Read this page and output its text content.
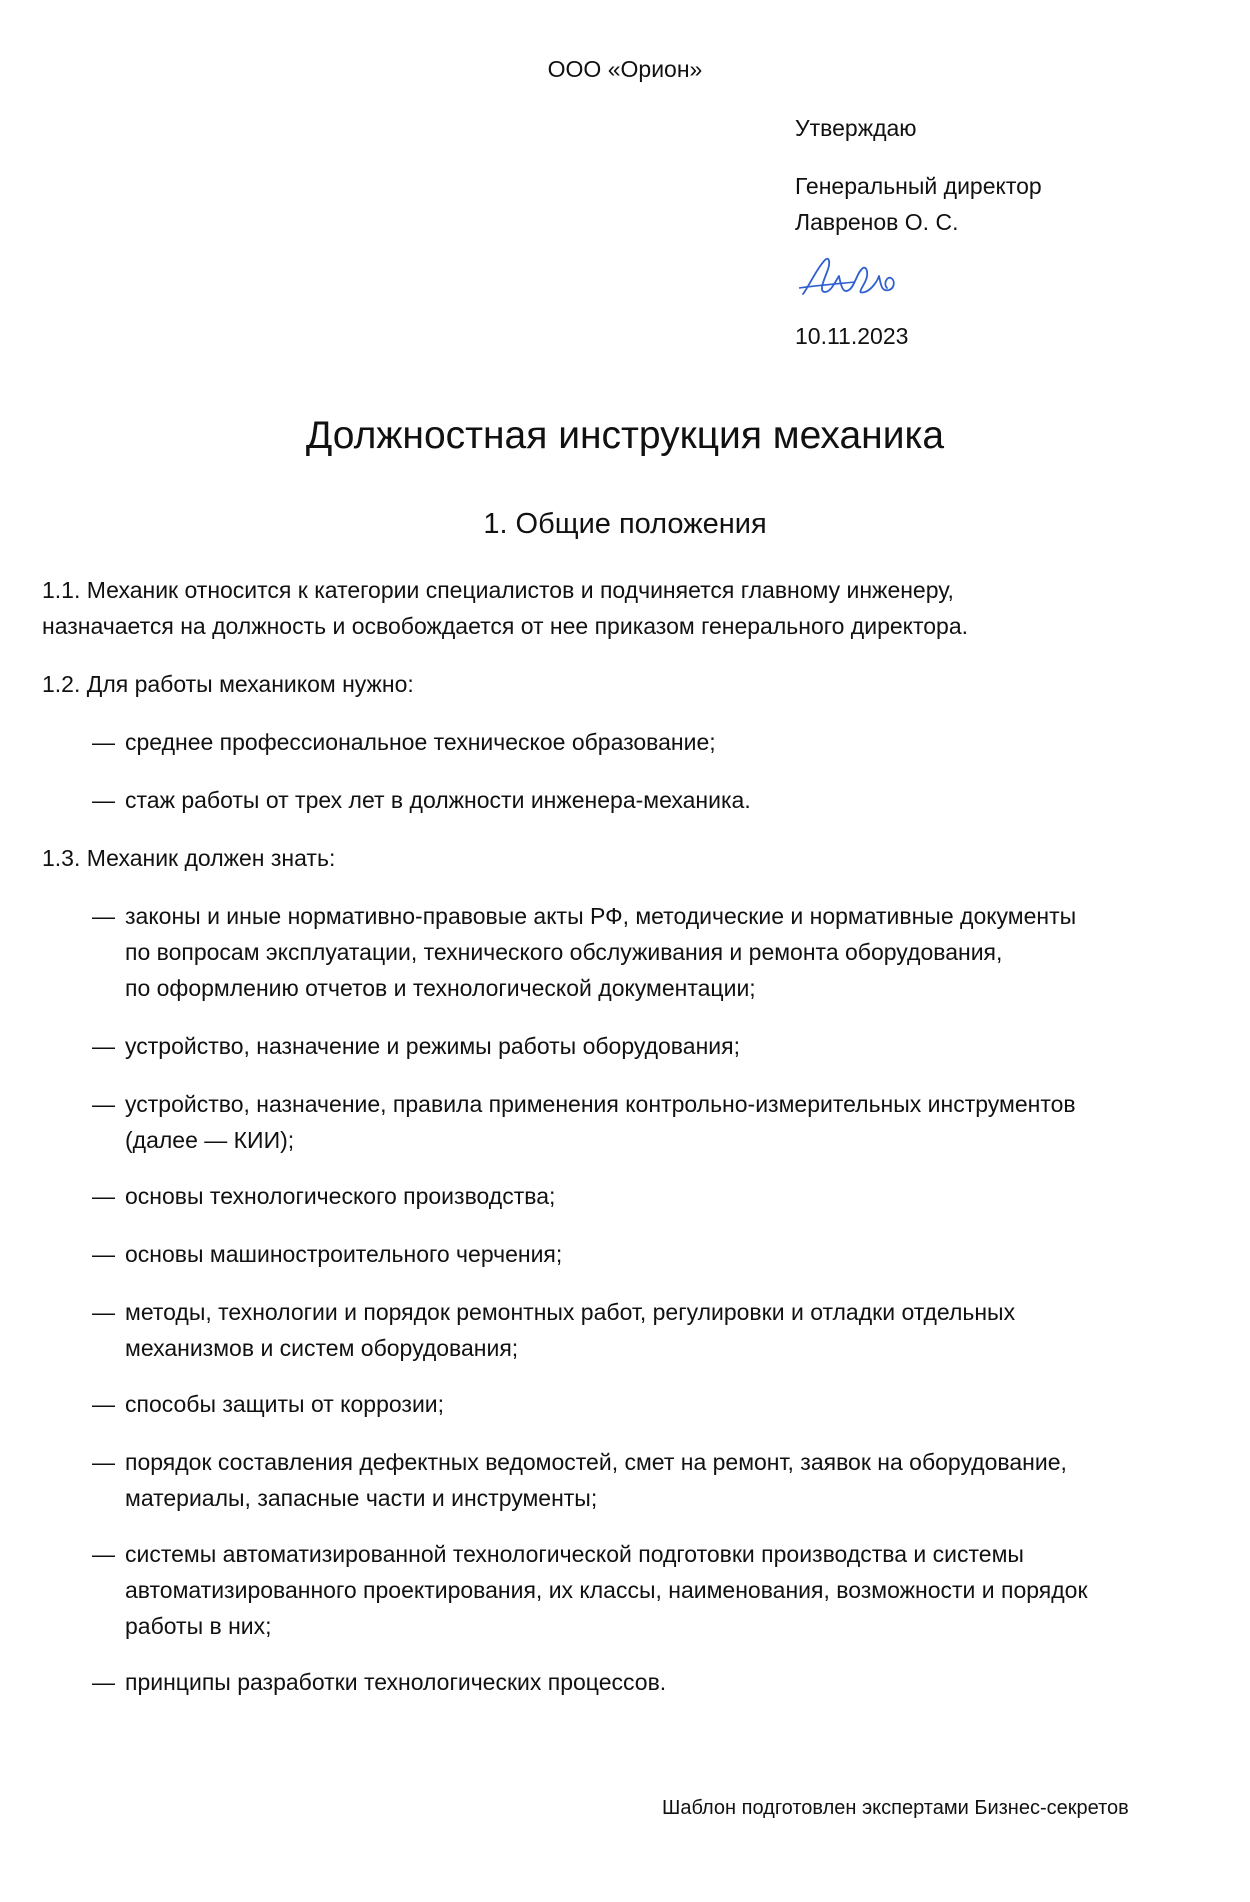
ООО «Орион»

Утверждаю
Генеральный директор
Лавренов О. С.

10.11.2023

Должностная инструкция механика
1. Общие положения
1.1. Механик относится к категории специалистов и подчиняется главному инженеру,
назначается на должность и освобождается от нее приказом генерального директора.
1.2. Для работы механиком нужно:
— среднее профессиональное техническое образование;
— стаж работы от трех лет в должности инженера-механика.
1.3. Механик должен знать:
— законы и иные нормативно-правовые акты РФ, методические и нормативные документы
по вопросам эксплуатации, технического обслуживания и ремонта оборудования,
по оформлению отчетов и технологической документации;
— устройство, назначение и режимы работы оборудования;
— устройство, назначение, правила применения контрольно-измерительных инструментов
(далее — КИИ);
— основы технологического производства;
— основы машиностроительного черчения;
— методы, технологии и порядок ремонтных работ, регулировки и отладки отдельных
механизмов и систем оборудования;
— способы защиты от коррозии;
— порядок составления дефектных ведомостей, смет на ремонт, заявок на оборудование,
материалы, запасные части и инструменты;
— системы автоматизированной технологической подготовки производства и системы
автоматизированного проектирования, их классы, наименования, возможности и порядок
работы в них;
— принципы разработки технологических процессов.

Шаблон подготовлен экспертами Бизнес-секретов
